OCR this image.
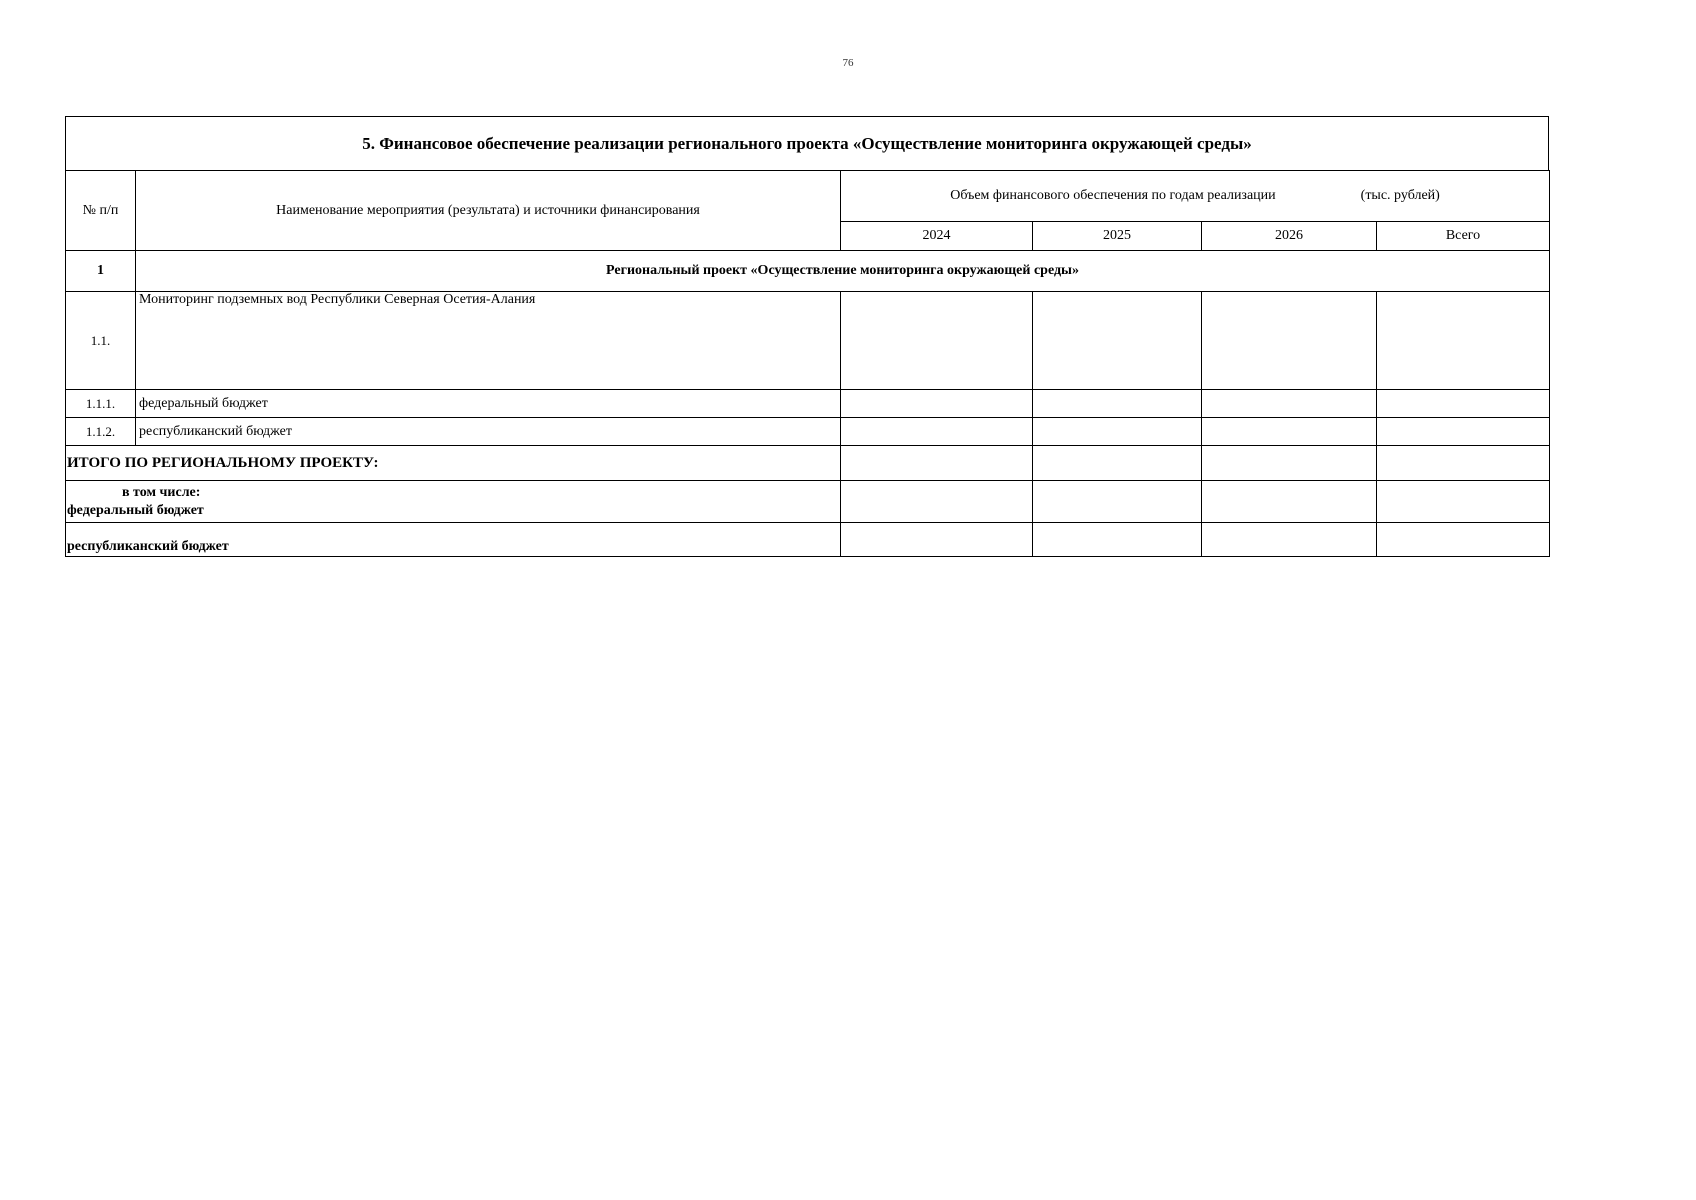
76
5. Финансовое обеспечение реализации регионального проекта «Осуществление мониторинга окружающей среды»
№ п/п	Наименование мероприятия (результата) и источники финансирования	Объем финансового обеспечения по годам реализации (тыс. рублей)			
		2024	2025	2026	Всего
1	Региональный проект «Осуществление мониторинга окружающей среды»				
1.1.	Мониторинг подземных вод Республики Северная Осетия-Алания				
1.1.1.	федеральный бюджет				
1.1.2.	республиканский бюджет				
ИТОГО ПО РЕГИОНАЛЬНОМУ ПРОЕКТУ:					

в том числе:
федеральный бюджет					
республиканский бюджет					
